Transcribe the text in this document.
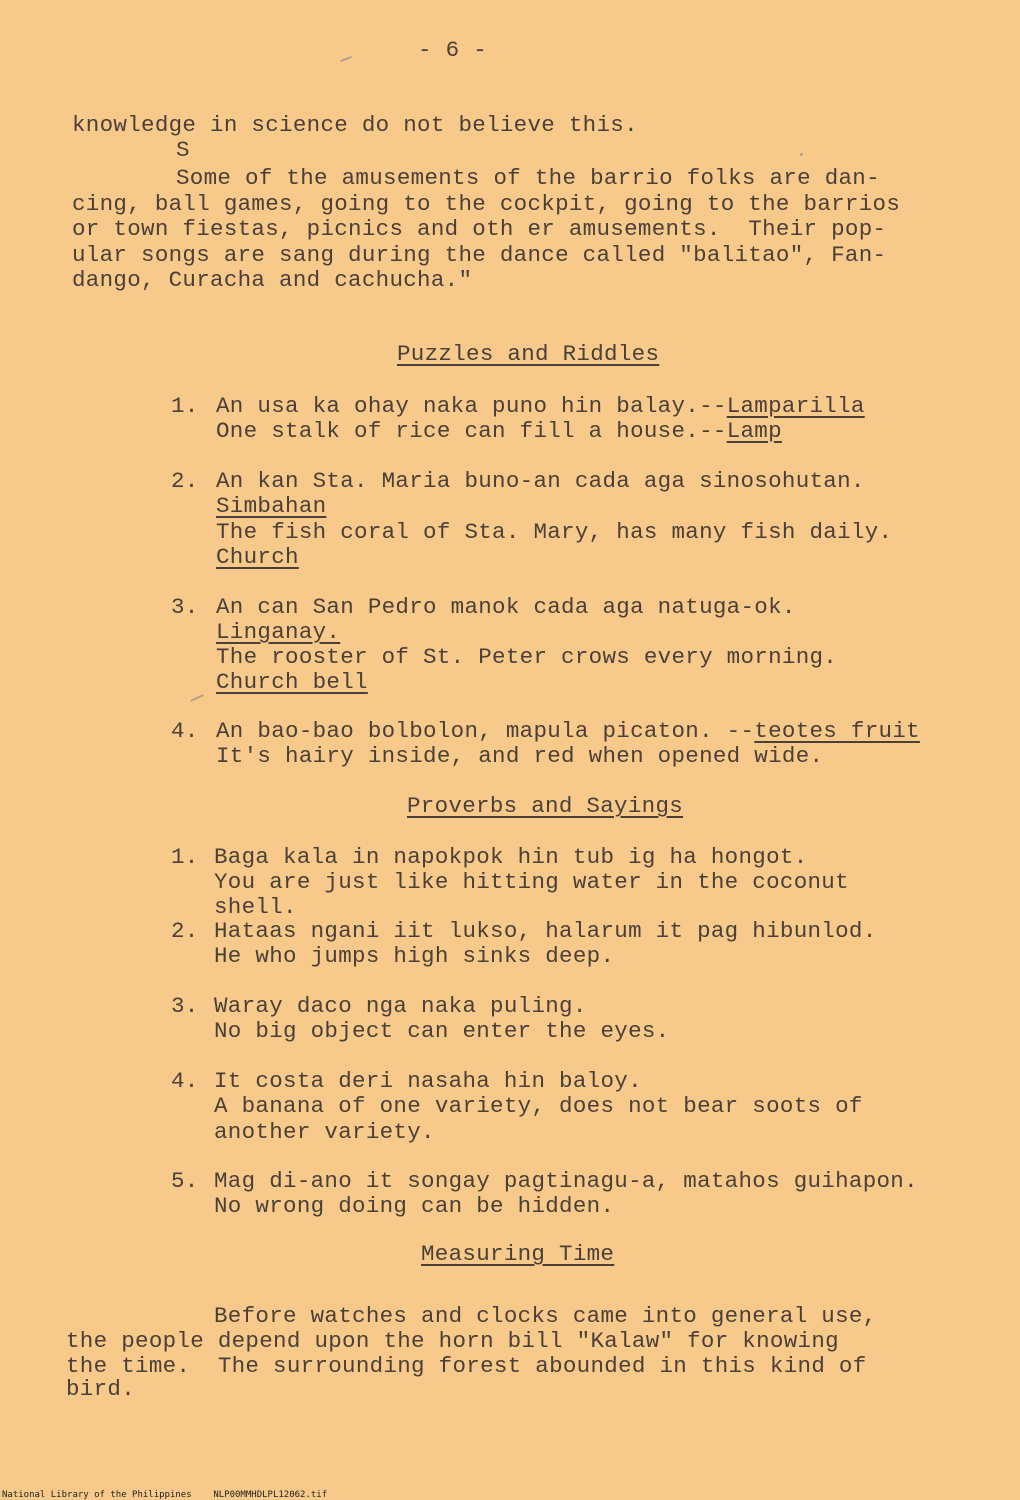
- 6 -
knowledge in science do not believe this.
S
Some of the amusements of the barrio folks are dan-
cing, ball games, going to the cockpit, going to the barrios
or town fiestas, picnics and oth er amusements.  Their pop-
ular songs are sang during the dance called "balitao", Fan-
dango, Curacha and cachucha."
Puzzles and Riddles
1. An usa ka ohay naka puno hin balay.--Lamparilla
One stalk of rice can fill a house.--Lamp
2. An kan Sta. Maria buno-an cada aga sinosohutan.
Simbahan
The fish coral of Sta. Mary, has many fish daily.
Church
3. An can San Pedro manok cada aga natuga-ok.
Linganay.
The rooster of St. Peter crows every morning.
Church bell
4. An bao-bao bolbolon, mapula picaton. --teotes fruit
It's hairy inside, and red when opened wide.
Proverbs and Sayings
1. Baga kala in napokpok hin tub ig ha hongot.
You are just like hitting water in the coconut
shell.
2. Hataas ngani iit lukso, halarum it pag hibunlod.
He who jumps high sinks deep.
3. Waray daco nga naka puling.
No big object can enter the eyes.
4. It costa deri nasaha hin baloy.
A banana of one variety, does not bear soots of
another variety.
5. Mag di-ano it songay pagtinagu-a, matahos guihapon.
No wrong doing can be hidden.
Measuring Time
Before watches and clocks came into general use,
the people depend upon the horn bill "Kalaw" for knowing
the time.  The surrounding forest abounded in this kind of
bird.
National Library of the Philippines NLP00MMHDLPL12062.tif
